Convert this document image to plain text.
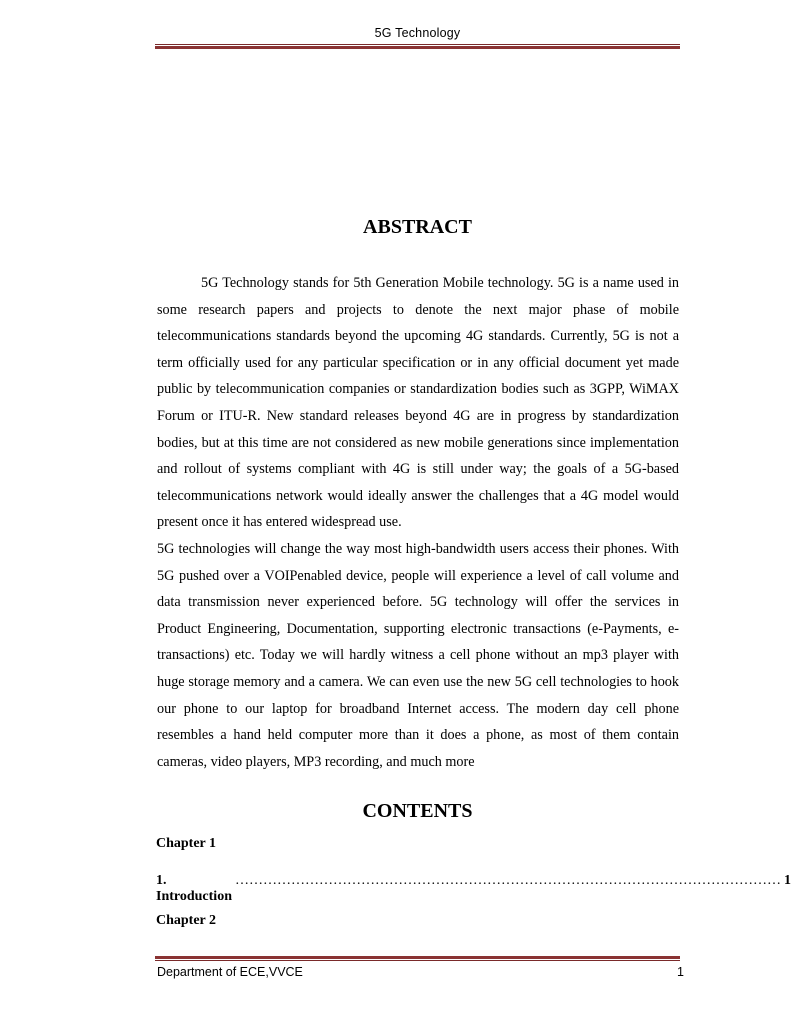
5G Technology
ABSTRACT

5G Technology stands for 5th Generation Mobile technology. 5G is a name used in some research papers and projects to denote the next major phase of mobile telecommunications standards beyond the upcoming 4G standards. Currently, 5G is not a term officially used for any particular specification or in any official document yet made public by telecommunication companies or standardization bodies such as 3GPP, WiMAX Forum or ITU-R. New standard releases beyond 4G are in progress by standardization bodies, but at this time are not considered as new mobile generations since implementation and rollout of systems compliant with 4G is still under way; the goals of a 5G-based telecommunications network would ideally answer the challenges that a 4G model would present once it has entered widespread use.

5G technologies will change the way most high-bandwidth users access their phones. With 5G pushed over a VOIPenabled device, people will experience a level of call volume and data transmission never experienced before. 5G technology will offer the services in Product Engineering, Documentation, supporting electronic transactions (e-Payments, e-transactions) etc. Today we will hardly witness a cell phone without an mp3 player with huge storage memory and a camera. We can even use the new 5G cell technologies to hook our phone to our laptop for broadband Internet access. The modern day cell phone resembles a hand held computer more than it does a phone, as most of them contain cameras, video players, MP3 recording, and much more

CONTENTS
Chapter 1
1. Introduction
……………………………………………………………………………………………………… 1
Chapter 2
Department of ECE,VVCE	1
